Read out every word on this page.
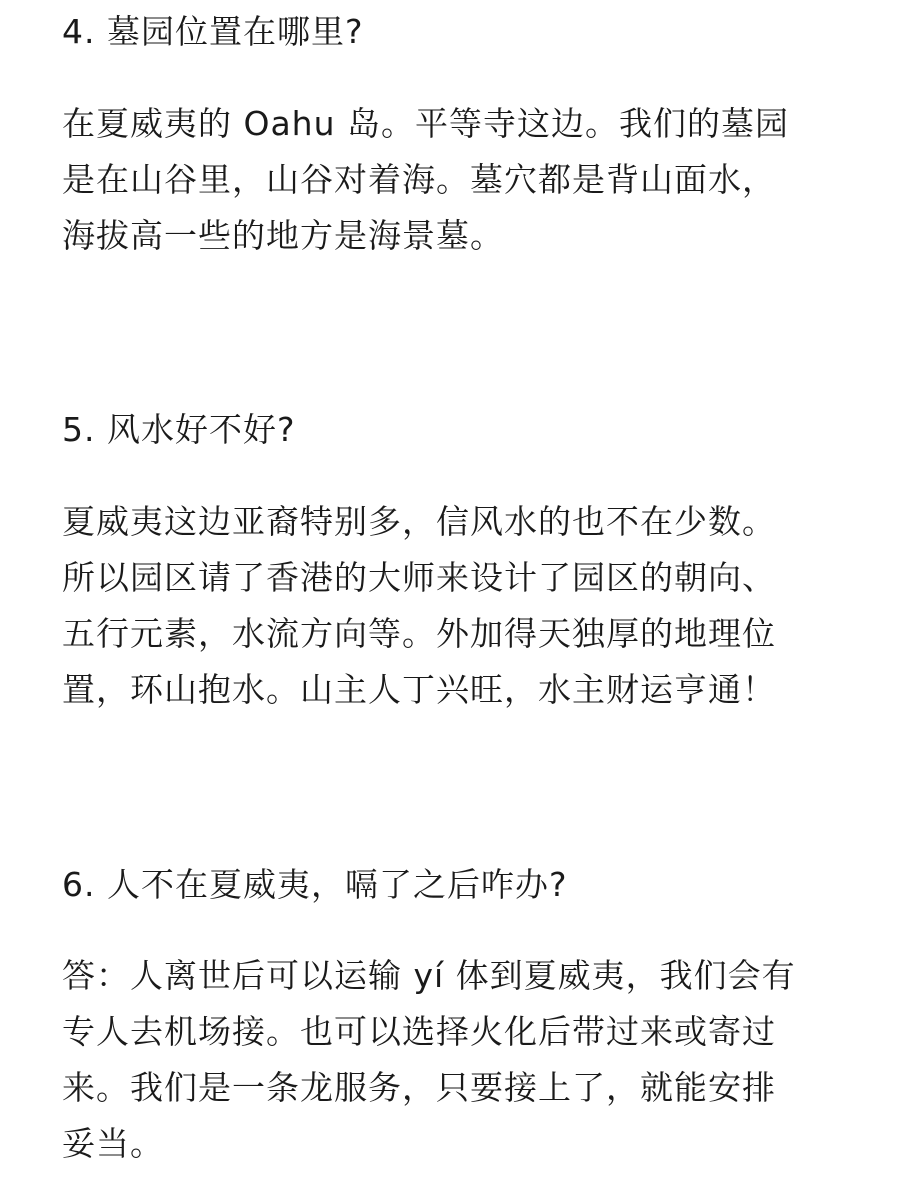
4. 墓园位置在哪里?

在夏威夷的 Oahu 岛。平等寺这边。我们的墓园

是在山谷里，山谷对着海。墓穴都是背山面水，

海拔高一些的地方是海景墓。

5. 风水好不好?

夏威夷这边亚裔特别多，信风水的也不在少数。

所以园区请了香港的大师来设计了园区的朝向、

五行元素，水流方向等。外加得天独厚的地理位

置，环山抱水。山主人丁兴旺，水主财运亨通！

6. 人不在夏威夷，嗝了之后咋办?

答：人离世后可以运输 yí 体到夏威夷，我们会有

专人去机场接。也可以选择火化后带过来或寄过

来。我们是一条龙服务，只要接上了，就能安排

妥当。
